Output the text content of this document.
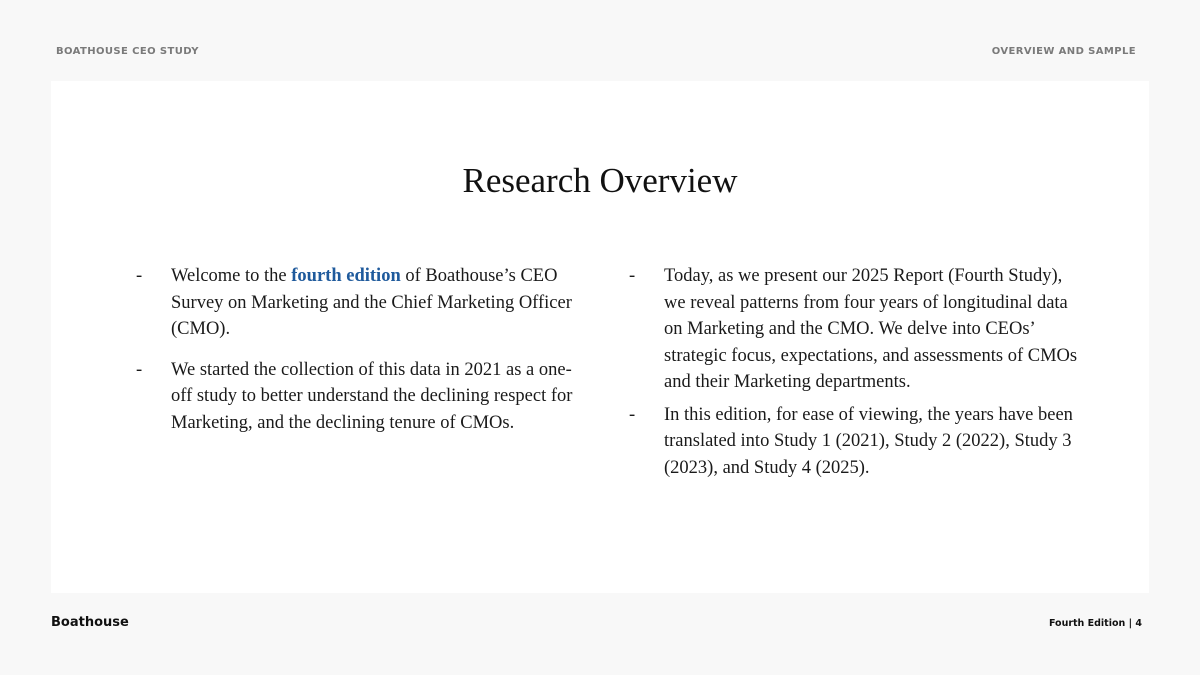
BOATHOUSE CEO STUDY	OVERVIEW AND SAMPLE
Research Overview
- Welcome to the fourth edition of Boathouse’s CEO Survey on Marketing and the Chief Marketing Officer (CMO).
- We started the collection of this data in 2021 as a one-off study to better understand the declining respect for Marketing, and the declining tenure of CMOs.
- Today, as we present our 2025 Report (Fourth Study), we reveal patterns from four years of longitudinal data on Marketing and the CMO. We delve into CEOs’ strategic focus, expectations, and assessments of CMOs and their Marketing departments.
- In this edition, for ease of viewing, the years have been translated into Study 1 (2021), Study 2 (2022), Study 3 (2023), and Study 4 (2025).
Boathouse	Fourth Edition | 4
